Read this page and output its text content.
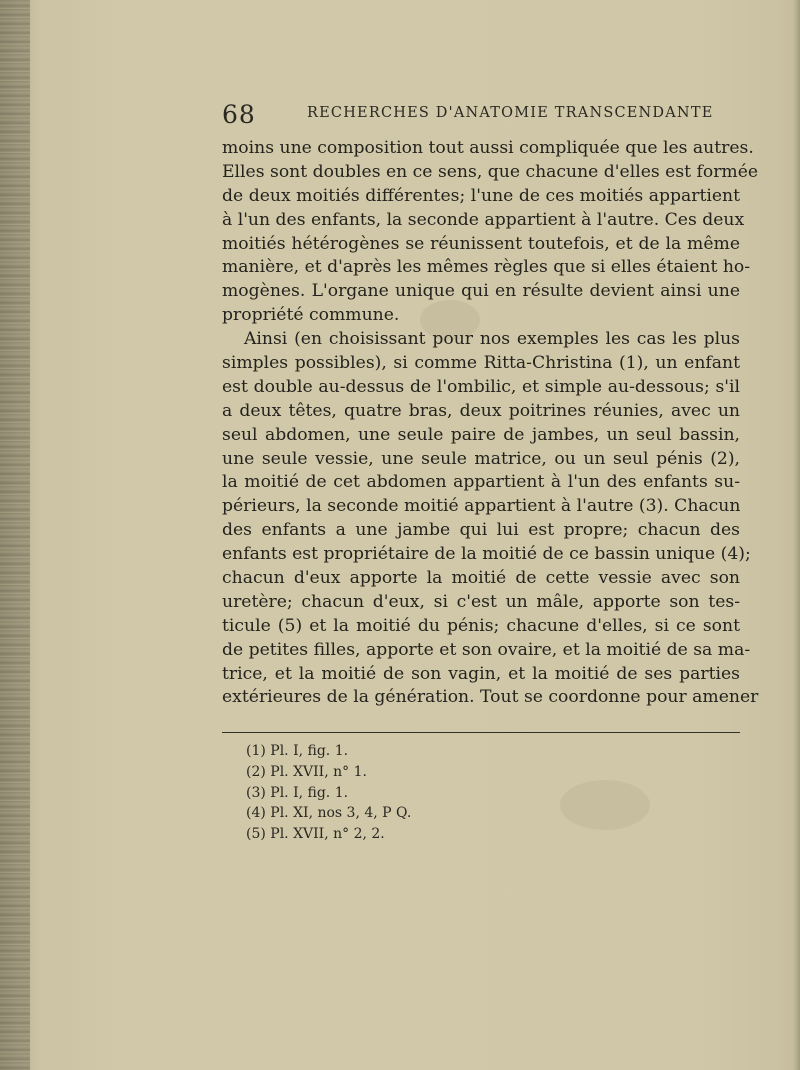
68	RECHERCHES D'ANATOMIE TRANSCENDANTE
moins une composition tout aussi compliquée que les autres.
Elles sont doubles en ce sens, que chacune d'elles est formée
de deux moitiés différentes; l'une de ces moitiés appartient
à l'un des enfants, la seconde appartient à l'autre. Ces deux
moitiés hétérogènes se réunissent toutefois, et de la même
manière, et d'après les mêmes règles que si elles étaient ho-
mogènes. L'organe unique qui en résulte devient ainsi une
propriété commune.
Ainsi (en choisissant pour nos exemples les cas les plus
simples possibles), si comme Ritta-Christina (1), un enfant
est double au-dessus de l'ombilic, et simple au-dessous; s'il
a deux têtes, quatre bras, deux poitrines réunies, avec un
seul abdomen, une seule paire de jambes, un seul bassin,
une seule vessie, une seule matrice, ou un seul pénis (2),
la moitié de cet abdomen appartient à l'un des enfants su-
périeurs, la seconde moitié appartient à l'autre (3). Chacun
des enfants a une jambe qui lui est propre; chacun des
enfants est propriétaire de la moitié de ce bassin unique (4);
chacun d'eux apporte la moitié de cette vessie avec son
uretère; chacun d'eux, si c'est un mâle, apporte son tes-
ticule (5) et la moitié du pénis; chacune d'elles, si ce sont
de petites filles, apporte et son ovaire, et la moitié de sa ma-
trice, et la moitié de son vagin, et la moitié de ses parties
extérieures de la génération. Tout se coordonne pour amener
(1) Pl. I, fig. 1.
(2) Pl. XVII, n° 1.
(3) Pl. I, fig. 1.
(4) Pl. XI, nos 3, 4, P Q.
(5) Pl. XVII, n° 2, 2.
